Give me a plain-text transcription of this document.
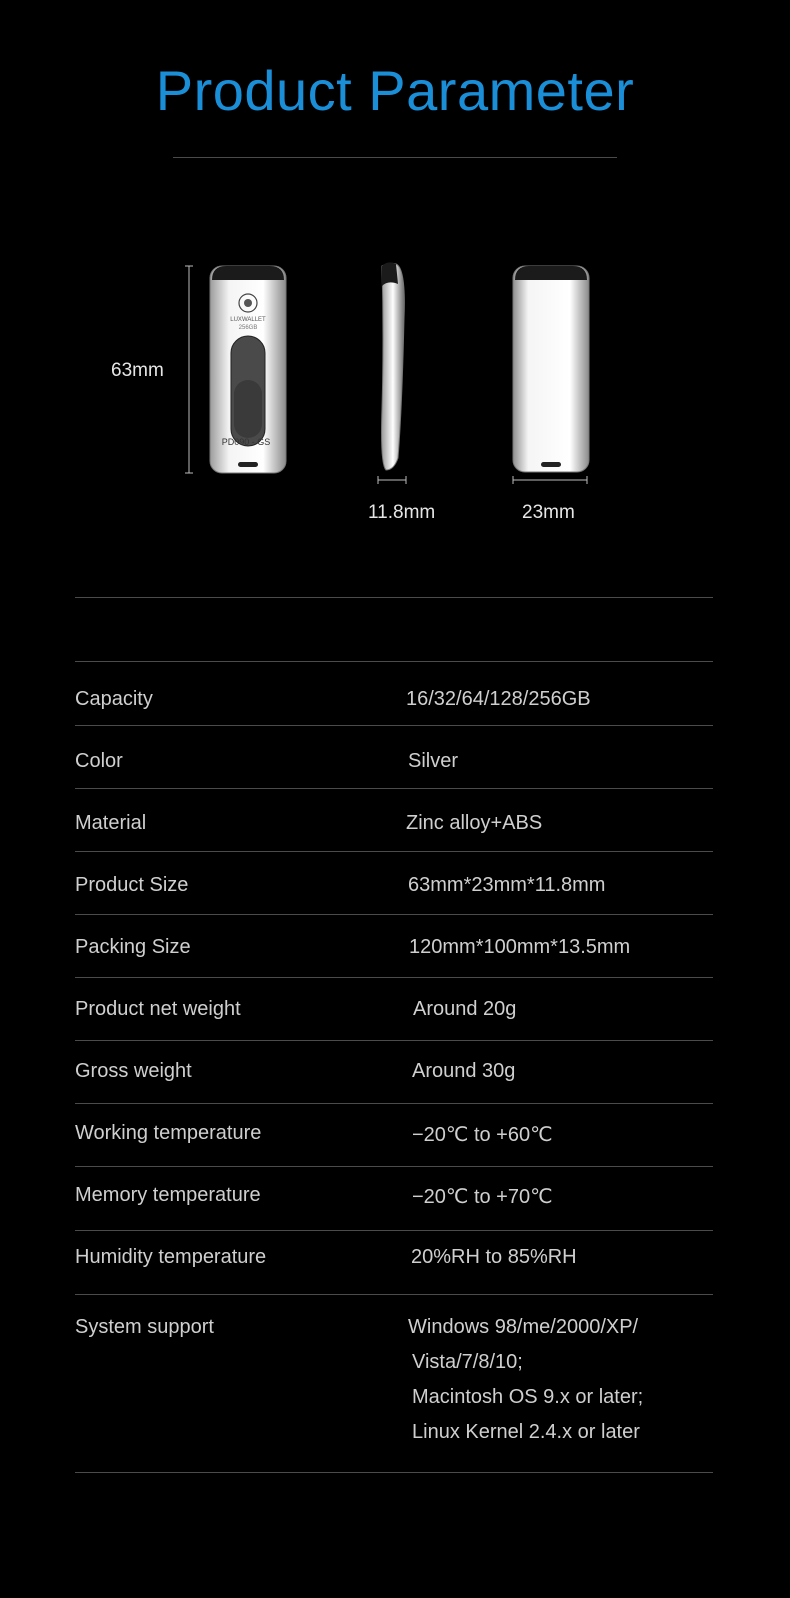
Product Parameter
LUXWALLET
256GB
PD090 - GS
63mm
11.8mm	23mm
Capacity	16/32/64/128/256GB
Color	Silver
Material	Zinc alloy+ABS
Product Size	63mm*23mm*11.8mm
Packing Size	120mm*100mm*13.5mm
Product net weight	Around 20g
Gross weight	Around 30g
Working temperature	−20℃ to +60℃
Memory temperature	−20℃ to +70℃
Humidity temperature	20%RH to 85%RH
System support	Windows 98/me/2000/XP/
Vista/7/8/10;
Macintosh OS 9.x or later;
Linux Kernel 2.4.x or later
